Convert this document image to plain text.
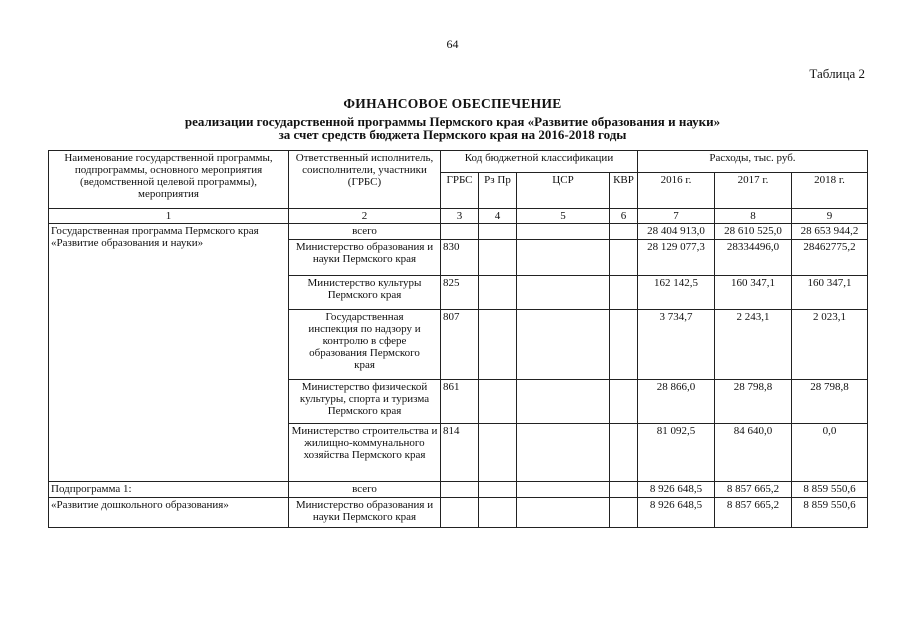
64
Таблица 2
ФИНАНСОВОЕ ОБЕСПЕЧЕНИЕ
реализации государственной программы Пермского края «Развитие образования и науки»
за счет средств бюджета Пермского края на 2016-2018 годы
Наименование государственной программы, подпрограммы, основного мероприятия (ведомственной целевой программы), мероприятия	Ответственный исполнитель, соисполнители, участники (ГРБС)	Код бюджетной классификации				Расходы, тыс. руб.		
		ГРБС	Рз Пр	ЦСР	КВР	2016 г.	2017 г.	2018 г.
1	2	3	4	5	6	7	8	9
Государственная программа Пермского края «Развитие образования и науки»	всего					28 404 913,0	28 610 525,0	28 653 944,2
	Министерство образования и науки Пермского края	830				28 129 077,3	28334496,0	28462775,2
	Министерство культуры Пермского края	825				162 142,5	160 347,1	160 347,1
	Государственная инспекция по надзору и контролю в сфере образования Пермского края	807				3 734,7	2 243,1	2 023,1
	Министерство физической культуры, спорта и туризма Пермского края	861				28 866,0	28 798,8	28 798,8
	Министерство строительства и жилищно-коммунального хозяйства Пермского края	814				81 092,5	84 640,0	0,0
Подпрограмма 1:	всего					8 926 648,5	8 857 665,2	8 859 550,6
«Развитие дошкольного образования»	Министерство образования и науки Пермского края					8 926 648,5	8 857 665,2	8 859 550,6
